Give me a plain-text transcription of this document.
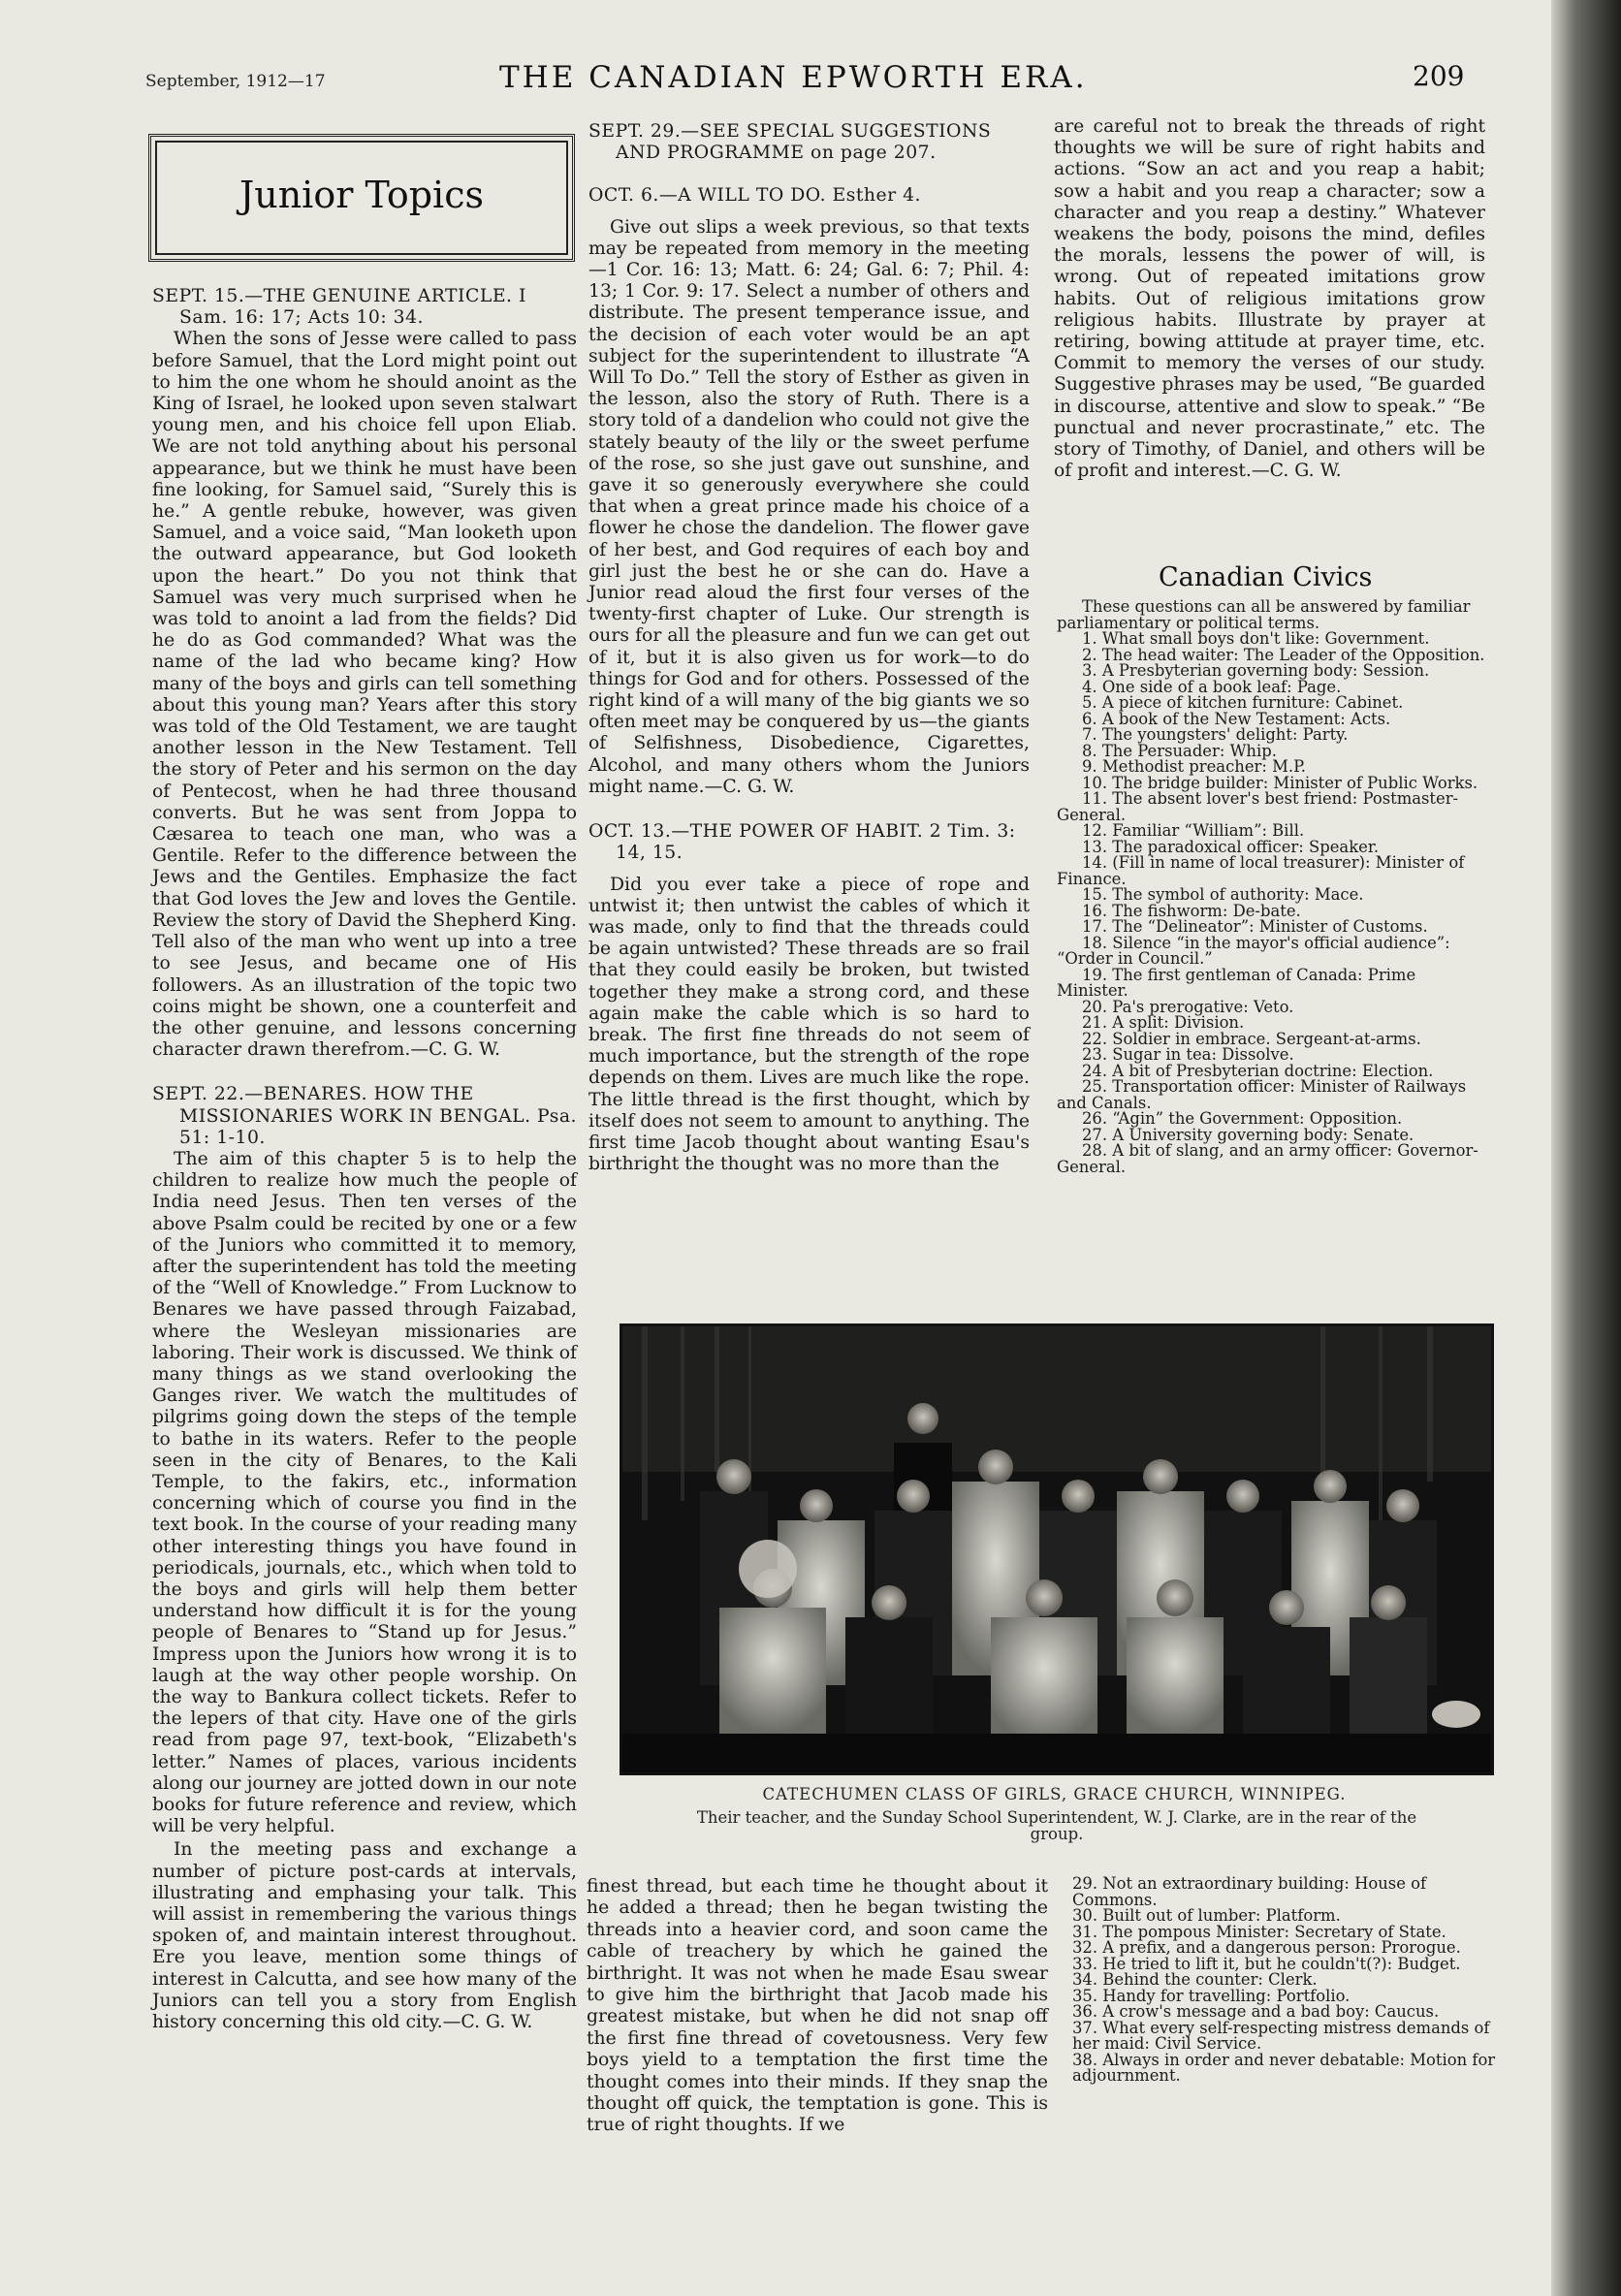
September, 1912—17	THE CANADIAN EPWORTH ERA.	209
Junior Topics

SEPT. 15.—THE GENUINE ARTICLE. I Sam. 16: 17; Acts 10: 34.

When the sons of Jesse were called to pass before Samuel, that the Lord might point out to him the one whom he should anoint as the King of Israel, he looked upon seven stalwart young men, and his choice fell upon Eliab. We are not told anything about his personal appearance, but we think he must have been fine looking, for Samuel said, “Surely this is he.” A gentle rebuke, however, was given Samuel, and a voice said, “Man looketh upon the outward appearance, but God looketh upon the heart.” Do you not think that Samuel was very much surprised when he was told to anoint a lad from the fields? Did he do as God commanded? What was the name of the lad who became king? How many of the boys and girls can tell something about this young man? Years after this story was told of the Old Testament, we are taught another lesson in the New Testament. Tell the story of Peter and his sermon on the day of Pentecost, when he had three thousand converts. But he was sent from Joppa to Cæsarea to teach one man, who was a Gentile. Refer to the difference between the Jews and the Gentiles. Emphasize the fact that God loves the Jew and loves the Gentile. Review the story of David the Shepherd King. Tell also of the man who went up into a tree to see Jesus, and became one of His followers. As an illustration of the topic two coins might be shown, one a counterfeit and the other genuine, and lessons concerning character drawn therefrom.—C. G. W.

SEPT. 22.—BENARES. HOW THE MISSIONARIES WORK IN BENGAL. Psa. 51: 1-10.

The aim of this chapter 5 is to help the children to realize how much the people of India need Jesus. Then ten verses of the above Psalm could be recited by one or a few of the Juniors who committed it to memory, after the superintendent has told the meeting of the “Well of Knowledge.” From Lucknow to Benares we have passed through Faizabad, where the Wesleyan missionaries are laboring. Their work is discussed. We think of many things as we stand overlooking the Ganges river. We watch the multitudes of pilgrims going down the steps of the temple to bathe in its waters. Refer to the people seen in the city of Benares, to the Kali Temple, to the fakirs, etc., information concerning which of course you find in the text book. In the course of your reading many other interesting things you have found in periodicals, journals, etc., which when told to the boys and girls will help them better understand how difficult it is for the young people of Benares to “Stand up for Jesus.” Impress upon the Juniors how wrong it is to laugh at the way other people worship. On the way to Bankura collect tickets. Refer to the lepers of that city. Have one of the girls read from page 97, text-book, “Elizabeth's letter.” Names of places, various incidents along our journey are jotted down in our note books for future reference and review, which will be very helpful.

In the meeting pass and exchange a number of picture post-cards at intervals, illustrating and emphasing your talk. This will assist in remembering the various things spoken of, and maintain interest throughout. Ere you leave, mention some things of interest in Calcutta, and see how many of the Juniors can tell you a story from English history concerning this old city.—C. G. W.

SEPT. 29.—SEE SPECIAL SUGGESTIONS AND PROGRAMME on page 207.

OCT. 6.—A WILL TO DO. Esther 4.

Give out slips a week previous, so that texts may be repeated from memory in the meeting—1 Cor. 16: 13; Matt. 6: 24; Gal. 6: 7; Phil. 4: 13; 1 Cor. 9: 17. Select a number of others and distribute. The present temperance issue, and the decision of each voter would be an apt subject for the superintendent to illustrate “A Will To Do.” Tell the story of Esther as given in the lesson, also the story of Ruth. There is a story told of a dandelion who could not give the stately beauty of the lily or the sweet perfume of the rose, so she just gave out sunshine, and gave it so generously everywhere she could that when a great prince made his choice of a flower he chose the dandelion. The flower gave of her best, and God requires of each boy and girl just the best he or she can do. Have a Junior read aloud the first four verses of the twenty-first chapter of Luke. Our strength is ours for all the pleasure and fun we can get out of it, but it is also given us for work—to do things for God and for others. Possessed of the right kind of a will many of the big giants we so often meet may be conquered by us—the giants of Selfishness, Disobedience, Cigarettes, Alcohol, and many others whom the Juniors might name.—C. G. W.

OCT. 13.—THE POWER OF HABIT. 2 Tim. 3: 14, 15.

Did you ever take a piece of rope and untwist it; then untwist the cables of which it was made, only to find that the threads could be again untwisted? These threads are so frail that they could easily be broken, but twisted together they make a strong cord, and these again make the cable which is so hard to break. The first fine threads do not seem of much importance, but the strength of the rope depends on them. Lives are much like the rope. The little thread is the first thought, which by itself does not seem to amount to anything. The first time Jacob thought about wanting Esau's birthright the thought was no more than the

are careful not to break the threads of right thoughts we will be sure of right habits and actions. “Sow an act and you reap a habit; sow a habit and you reap a character; sow a character and you reap a destiny.” Whatever weakens the body, poisons the mind, defiles the morals, lessens the power of will, is wrong. Out of repeated imitations grow habits. Out of religious imitations grow religious habits. Illustrate by prayer at retiring, bowing attitude at prayer time, etc. Commit to memory the verses of our study. Suggestive phrases may be used, “Be guarded in discourse, attentive and slow to speak.” “Be punctual and never procrastinate,” etc. The story of Timothy, of Daniel, and others will be of profit and interest.—C. G. W.

Canadian Civics
These questions can all be answered by familiar parliamentary or political terms.
1. What small boys don't like: Government.
2. The head waiter: The Leader of the Opposition.
3. A Presbyterian governing body: Session.
4. One side of a book leaf: Page.
5. A piece of kitchen furniture: Cabinet.
6. A book of the New Testament: Acts.
7. The youngsters' delight: Party.
8. The Persuader: Whip.
9. Methodist preacher: M.P.
10. The bridge builder: Minister of Public Works.
11. The absent lover's best friend: Postmaster-General.
12. Familiar “William”: Bill.
13. The paradoxical officer: Speaker.
14. (Fill in name of local treasurer): Minister of Finance.
15. The symbol of authority: Mace.
16. The fishworm: De-bate.
17. The “Delineator”: Minister of Customs.
18. Silence “in the mayor's official audience”: “Order in Council.”
19. The first gentleman of Canada: Prime Minister.
20. Pa's prerogative: Veto.
21. A split: Division.
22. Soldier in embrace. Sergeant-at-arms.
23. Sugar in tea: Dissolve.
24. A bit of Presbyterian doctrine: Election.
25. Transportation officer: Minister of Railways and Canals.
26. “Agin” the Government: Opposition.
27. A University governing body: Senate.
28. A bit of slang, and an army officer: Governor-General.
CATECHUMEN CLASS OF GIRLS, GRACE CHURCH, WINNIPEG.
Their teacher, and the Sunday School Superintendent, W. J. Clarke, are in the rear of the group.

finest thread, but each time he thought about it he added a thread; then he began twisting the threads into a heavier cord, and soon came the cable of treachery by which he gained the birthright. It was not when he made Esau swear to give him the birthright that Jacob made his greatest mistake, but when he did not snap off the first fine thread of covetousness. Very few boys yield to a temptation the first time the thought comes into their minds. If they snap the thought off quick, the temptation is gone. This is true of right thoughts. If we

29. Not an extraordinary building: House of Commons.
30. Built out of lumber: Platform.
31. The pompous Minister: Secretary of State.
32. A prefix, and a dangerous person: Prorogue.
33. He tried to lift it, but he couldn't(?): Budget.
34. Behind the counter: Clerk.
35. Handy for travelling: Portfolio.
36. A crow's message and a bad boy: Caucus.
37. What every self-respecting mistress demands of her maid: Civil Service.
38. Always in order and never debatable: Motion for adjournment.
